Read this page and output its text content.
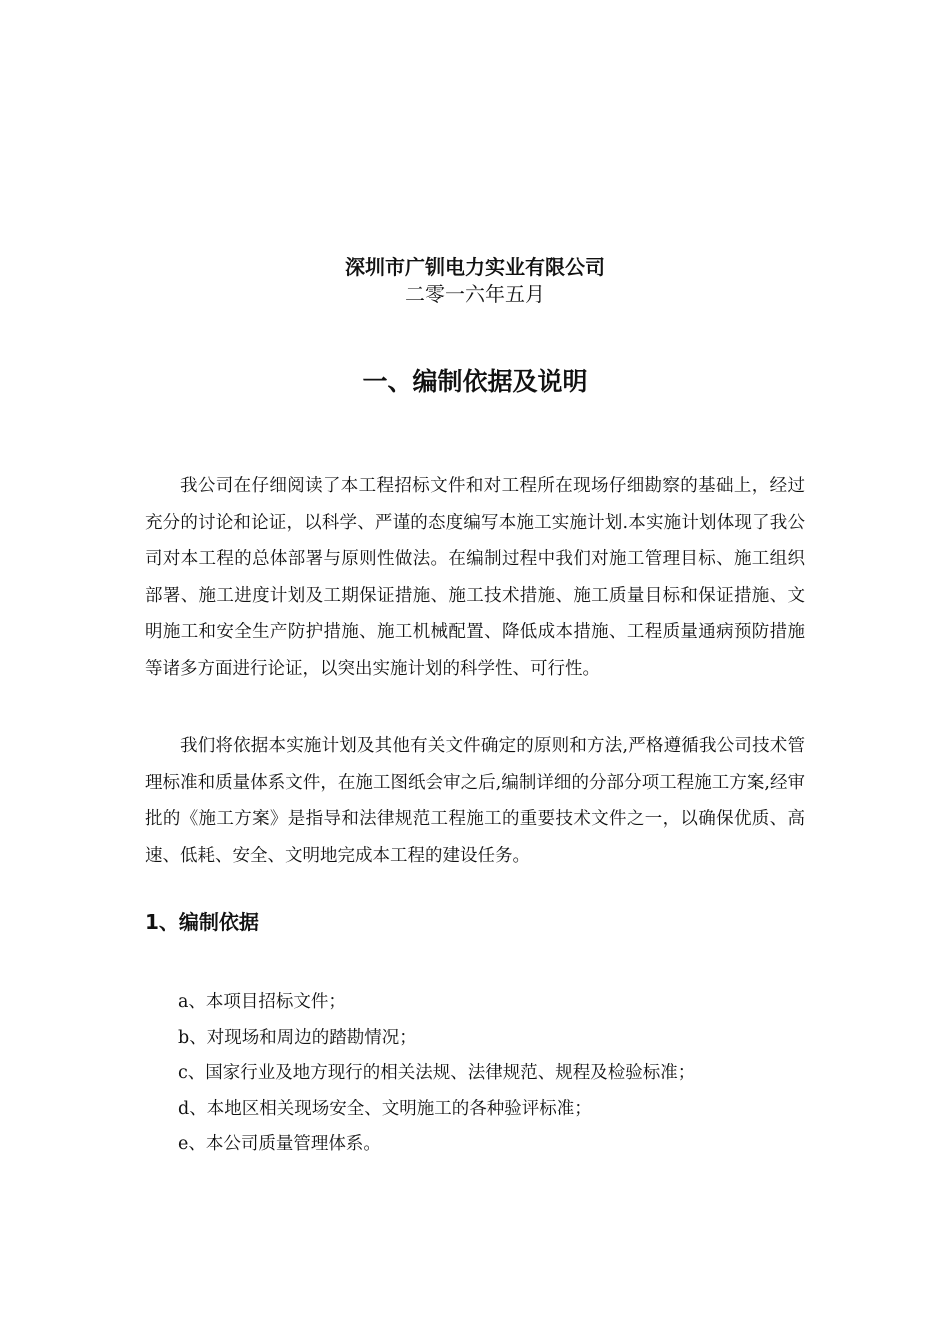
深圳市广钏电力实业有限公司
二零一六年五月
一、编制依据及说明

我公司在仔细阅读了本工程招标文件和对工程所在现场仔细勘察的基础上，经过充分的讨论和论证，以科学、严谨的态度编写本施工实施计划.本实施计划体现了我公司对本工程的总体部署与原则性做法。在编制过程中我们对施工管理目标、施工组织部署、施工进度计划及工期保证措施、施工技术措施、施工质量目标和保证措施、文明施工和安全生产防护措施、施工机械配置、降低成本措施、工程质量通病预防措施等诸多方面进行论证，以突出实施计划的科学性、可行性。

我们将依据本实施计划及其他有关文件确定的原则和方法,严格遵循我公司技术管理标准和质量体系文件，在施工图纸会审之后,编制详细的分部分项工程施工方案,经审批的《施工方案》是指导和法律规范工程施工的重要技术文件之一，以确保优质、高速、低耗、安全、文明地完成本工程的建设任务。

1、编制依据
a、本项目招标文件；
b、对现场和周边的踏勘情况；
c、国家行业及地方现行的相关法规、法律规范、规程及检验标准；
d、本地区相关现场安全、文明施工的各种验评标准；
e、本公司质量管理体系。
